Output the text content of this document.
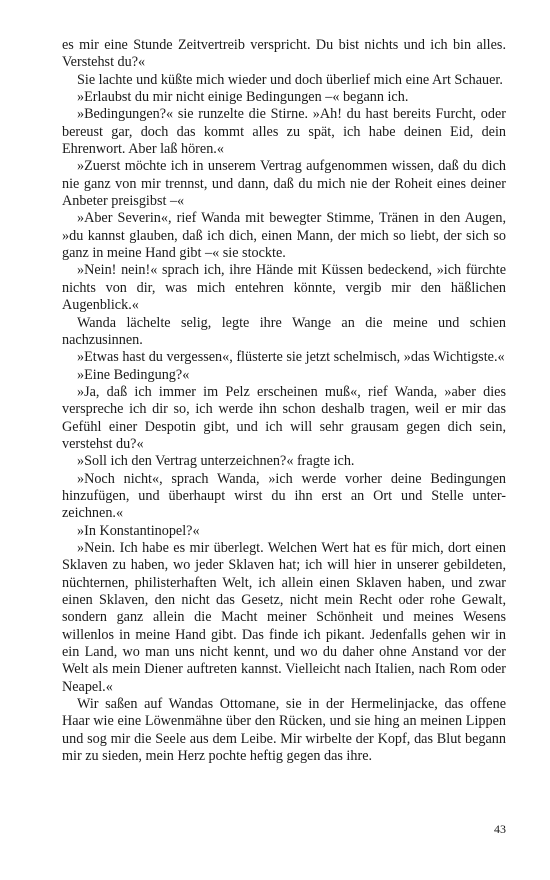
es mir eine Stunde Zeitvertreib verspricht. Du bist nichts und ich bin alles. Verstehst du?«

Sie lachte und küßte mich wieder und doch überlief mich eine Art Schauer.

»Erlaubst du mir nicht einige Bedingungen –« begann ich.

»Bedingungen?« sie runzelte die Stirne. »Ah! du hast bereits Furcht, oder bereust gar, doch das kommt alles zu spät, ich habe deinen Eid, dein Ehrenwort. Aber laß hören.«

»Zuerst möchte ich in unserem Vertrag aufgenommen wissen, daß du dich nie ganz von mir trennst, und dann, daß du mich nie der Roheit eines deiner Anbeter preisgibst –«

»Aber Severin«, rief Wanda mit bewegter Stimme, Tränen in den Augen, »du kannst glauben, daß ich dich, einen Mann, der mich so liebt, der sich so ganz in meine Hand gibt –« sie stockte.

»Nein! nein!« sprach ich, ihre Hände mit Küssen bedeckend, »ich fürchte nichts von dir, was mich entehren könnte, vergib mir den häßlichen Augenblick.«

Wanda lächelte selig, legte ihre Wange an die meine und schien nachzusinnen.

»Etwas hast du vergessen«, flüsterte sie jetzt schelmisch, »das Wichtigste.«

»Eine Bedingung?«

»Ja, daß ich immer im Pelz erscheinen muß«, rief Wanda, »aber dies verspreche ich dir so, ich werde ihn schon deshalb tragen, weil er mir das Gefühl einer Despotin gibt, und ich will sehr grausam gegen dich sein, verstehst du?«

»Soll ich den Vertrag unterzeichnen?« fragte ich.

»Noch nicht«, sprach Wanda, »ich werde vorher deine Bedingungen hinzufügen, und überhaupt wirst du ihn erst an Ort und Stelle unter-zeichnen.«

»In Konstantinopel?«

»Nein. Ich habe es mir überlegt. Welchen Wert hat es für mich, dort einen Sklaven zu haben, wo jeder Sklaven hat; ich will hier in unserer gebildeten, nüchternen, philisterhaften Welt, ich allein einen Sklaven haben, und zwar einen Sklaven, den nicht das Gesetz, nicht mein Recht oder rohe Gewalt, sondern ganz allein die Macht meiner Schönheit und meines Wesens willenlos in meine Hand gibt. Das finde ich pikant. Jedenfalls gehen wir in ein Land, wo man uns nicht kennt, und wo du daher ohne Anstand vor der Welt als mein Diener auftreten kannst. Vielleicht nach Italien, nach Rom oder Neapel.«

Wir saßen auf Wandas Ottomane, sie in der Hermelinjacke, das offene Haar wie eine Löwenmähne über den Rücken, und sie hing an meinen Lippen und sog mir die Seele aus dem Leibe. Mir wirbelte der Kopf, das Blut begann mir zu sieden, mein Herz pochte heftig gegen das ihre.

43
